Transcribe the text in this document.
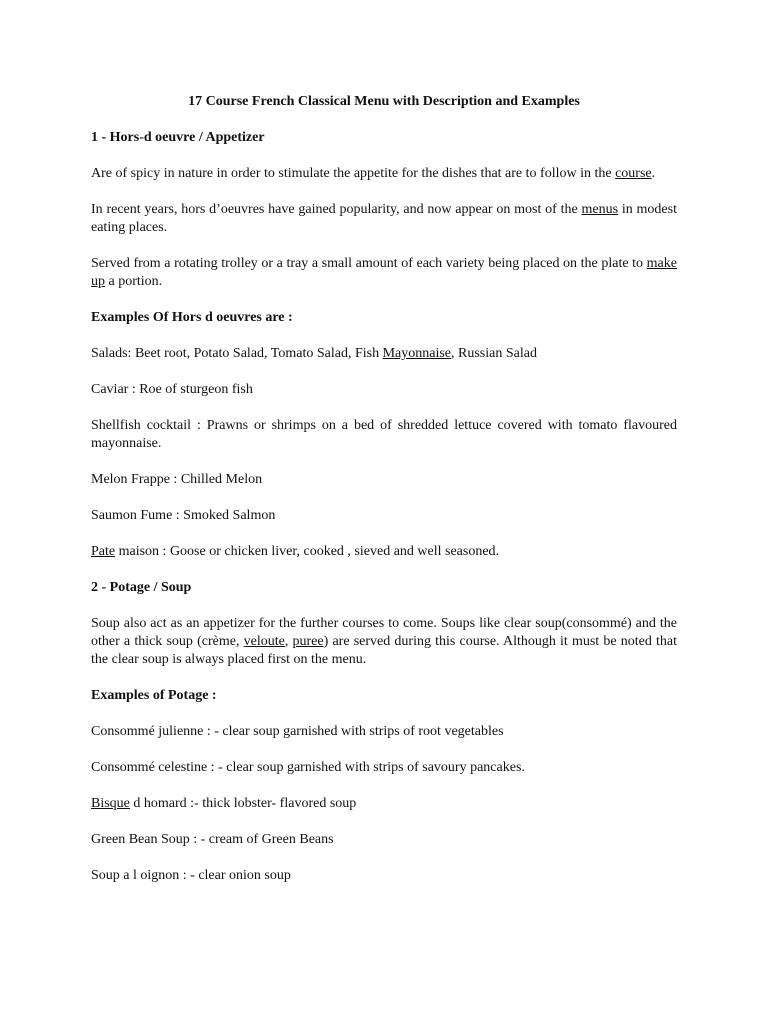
17 Course French Classical Menu with Description and Examples
1 - Hors-d oeuvre / Appetizer
Are of spicy in nature in order to stimulate the appetite for the dishes that are to follow in the course.
In recent years, hors d’oeuvres have gained popularity, and now appear on most of the menus in modest eating places.
Served from a rotating trolley or a tray a small amount of each variety being placed on the plate to make up a portion.
Examples Of Hors d oeuvres are :
Salads: Beet root, Potato Salad, Tomato Salad, Fish Mayonnaise, Russian Salad
Caviar : Roe of sturgeon fish
Shellfish cocktail : Prawns or shrimps on a bed of shredded lettuce covered with tomato flavoured mayonnaise.
Melon Frappe : Chilled Melon
Saumon Fume : Smoked Salmon
Pate maison : Goose or chicken liver, cooked , sieved and well seasoned.
2 - Potage / Soup
Soup also act as an appetizer for the further courses to come. Soups like clear soup(consommé) and the other a thick soup (crème, veloute, puree) are served during this course. Although it must be noted that the clear soup is always placed first on the menu.
Examples of Potage :
Consommé julienne : - clear soup garnished with strips of root vegetables
Consommé celestine : - clear soup garnished with strips of savoury pancakes.
Bisque d homard :- thick lobster- flavored soup
Green Bean Soup : - cream of Green Beans
Soup a l oignon : - clear onion soup
